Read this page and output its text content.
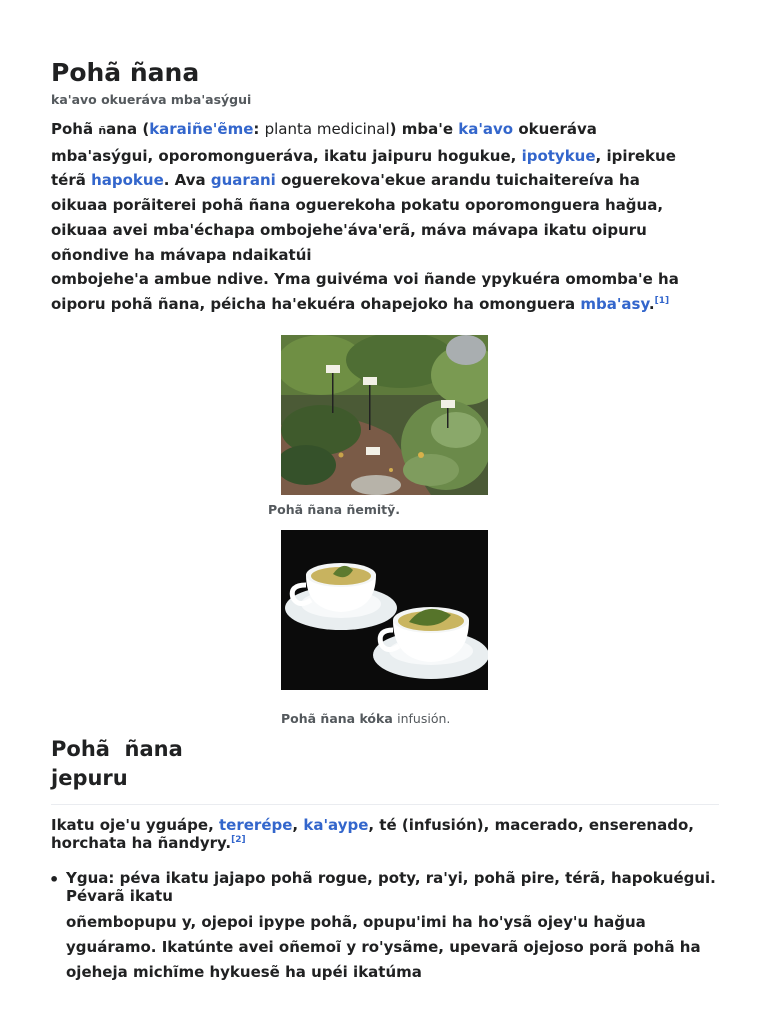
Pohã ñana
ka'avo okueráva mba'asýgui
Pohã ñana (karaiñe'ẽme: planta medicinal) mba'e ka'avo okueráva mba'asýgui, oporomongueráva, ikatu jaipuru hogukue, ipotykue, ipirekue térã hapokue. Ava guarani oguerekova'ekue arandu tuichaitereíva ha oikuaa porãiterei pohã ñana oguerekoha pokatu oporomonguera hağua, oikuaa avei mba'échapa ombojehe'áva'erã, máva mávapa ikatu oipuru oñondive ha mávapa ndaikatúi
ombojehe'a ambue ndive. Yma guivéma voi ñande ypykuéra omomba'e ha oiporu pohã ñana, péicha ha'ekuéra ohapejoko ha omonguera mba'asy.[1]
Pohã ñana ñemitỹ.
Pohã ñana kóka infusión.
Pohã  ñana
jepuru
Ikatu oje'u yguápe, tererépe, ka'aype, té (infusión), macerado, enserenado, horchata ha ñandyry.[2]
• Ygua: péva ikatu jajapo pohã rogue, poty, ra'yi, pohã pire, térã, hapokuégui. Pévarã ikatu
oñembopupu y, ojepoi ipype pohã, opupu'imi ha ho'ysã ojey'u hağua yguáramo. Ikatúnte avei oñemoĩ y ro'ysãme, upevarã ojejoso porã pohã ha ojeheja michĩme hykuesẽ ha upéi ikatúma
